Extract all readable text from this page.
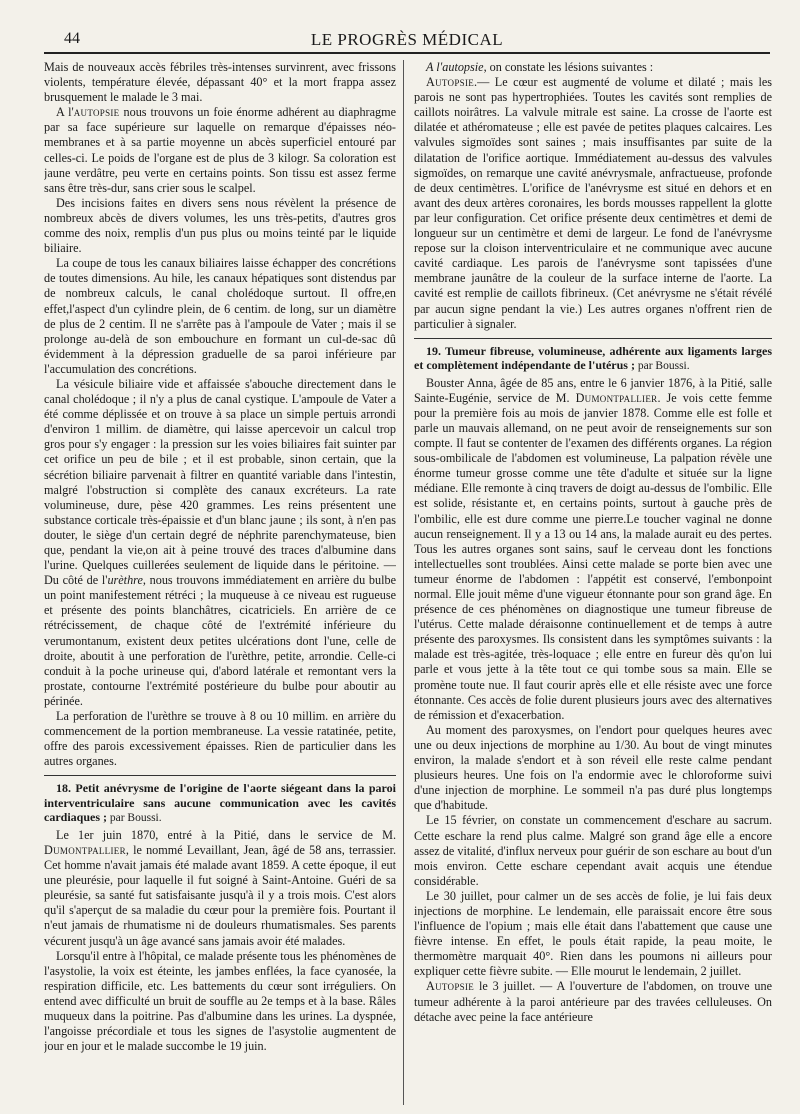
44	LE PROGRÈS MÉDICAL

Mais de nouveaux accès fébriles très-intenses survinrent, avec frissons violents, température élevée, dépassant 40° et la mort frappa assez brusquement le malade le 3 mai.

A l'autopsie nous trouvons un foie énorme adhérent au diaphragme par sa face supérieure sur laquelle on remarque d'épaisses néo-membranes et à sa partie moyenne un abcès superficiel entouré par celles-ci. Le poids de l'organe est de plus de 3 kilogr. Sa coloration est jaune verdâtre, peu verte en certains points. Son tissu est assez ferme sans être très-dur, sans crier sous le scalpel.

Des incisions faites en divers sens nous révèlent la présence de nombreux abcès de divers volumes, les uns très-petits, d'autres gros comme des noix, remplis d'un pus plus ou moins teinté par le liquide biliaire.

La coupe de tous les canaux biliaires laisse échapper des concrétions de toutes dimensions. Au hile, les canaux hépatiques sont distendus par de nombreux calculs, le canal cholédoque surtout. Il offre,en effet,l'aspect d'un cylindre plein, de 6 centim. de long, sur un diamètre de plus de 2 centim. Il ne s'arrête pas à l'ampoule de Vater ; mais il se prolonge au-delà de son embouchure en formant un cul-de-sac dû évidemment à la dépression graduelle de sa paroi inférieure par l'accumulation des concrétions.

La vésicule biliaire vide et affaissée s'abouche directement dans le canal cholédoque ; il n'y a plus de canal cystique. L'ampoule de Vater a été comme déplissée et on trouve à sa place un simple pertuis arrondi d'environ 1 millim. de diamètre, qui laisse apercevoir un calcul trop gros pour s'y engager : la pression sur les voies biliaires fait suinter par cet orifice un peu de bile ; et il est probable, sinon certain, que la sécrétion biliaire parvenait à filtrer en quantité variable dans l'intestin, malgré l'obstruction si complète des canaux excréteurs. La rate volumineuse, dure, pèse 420 grammes. Les reins présentent une substance corticale très-épaissie et d'un blanc jaune ; ils sont, à n'en pas douter, le siège d'un certain degré de néphrite parenchymateuse, bien que, pendant la vie,on ait à peine trouvé des traces d'albumine dans l'urine. Quelques cuillerées seulement de liquide dans le péritoine. — Du côté de l'urèthre, nous trouvons immédiatement en arrière du bulbe un point manifestement rétréci ; la muqueuse à ce niveau est rugueuse et présente des points blanchâtres, cicatriciels. En arrière de ce rétrécissement, de chaque côté de l'extrémité inférieure du verumontanum, existent deux petites ulcérations dont l'une, celle de droite, aboutit à une perforation de l'urèthre, petite, arrondie. Celle-ci conduit à la poche urineuse qui, d'abord latérale et remontant vers la prostate, contourne l'extrémité postérieure du bulbe pour aboutir au périnée.

La perforation de l'urèthre se trouve à 8 ou 10 millim. en arrière du commencement de la portion membraneuse. La vessie ratatinée, petite, offre des parois excessivement épaisses. Rien de particulier dans les autres organes.

18. Petit anévrysme de l'origine de l'aorte siégeant dans la paroi interventriculaire sans aucune communication avec les cavités cardiaques ; par Boussi.

Le 1er juin 1870, entré à la Pitié, dans le service de M. Dumontpallier, le nommé Levaillant, Jean, âgé de 58 ans, terrassier. Cet homme n'avait jamais été malade avant 1859. A cette époque, il eut une pleurésie, pour laquelle il fut soigné à Saint-Antoine. Guéri de sa pleurésie, sa santé fut satisfaisante jusqu'à il y a trois mois. C'est alors qu'il s'aperçut de sa maladie du cœur pour la première fois. Pourtant il n'eut jamais de rhumatisme ni de douleurs rhumatismales. Ses parents vécurent jusqu'à un âge avancé sans jamais avoir été malades.

Lorsqu'il entre à l'hôpital, ce malade présente tous les phénomènes de l'asystolie, la voix est éteinte, les jambes enflées, la face cyanosée, la respiration difficile, etc. Les battements du cœur sont irréguliers. On entend avec difficulté un bruit de souffle au 2e temps et à la base. Râles muqueux dans la poitrine. Pas d'albumine dans les urines. La dyspnée, l'angoisse précordiale et tous les signes de l'asystolie augmentent de jour en jour et le malade succombe le 19 juin.

A l'autopsie, on constate les lésions suivantes :

Autopsie.— Le cœur est augmenté de volume et dilaté ; mais les parois ne sont pas hypertrophiées. Toutes les cavités sont remplies de caillots noirâtres. La valvule mitrale est saine. La crosse de l'aorte est dilatée et athéromateuse ; elle est pavée de petites plaques calcaires. Les valvules sigmoïdes sont saines ; mais insuffisantes par suite de la dilatation de l'orifice aortique. Immédiatement au-dessus des valvules sigmoïdes, on remarque une cavité anévrysmale, anfractueuse, profonde de deux centimètres. L'orifice de l'anévrysme est situé en dehors et en avant des deux artères coronaires, les bords mousses rappellent la glotte par leur configuration. Cet orifice présente deux centimètres et demi de longueur sur un centimètre et demi de largeur. Le fond de l'anévrysme repose sur la cloison interventriculaire et ne communique avec aucune cavité cardiaque. Les parois de l'anévrysme sont tapissées d'une membrane jaunâtre de la couleur de la surface interne de l'aorte. La cavité est remplie de caillots fibrineux. (Cet anévrysme ne s'était révélé par aucun signe pendant la vie.) Les autres organes n'offrent rien de particulier à signaler.

19. Tumeur fibreuse, volumineuse, adhérente aux ligaments larges et complètement indépendante de l'utérus ; par Boussi.

Bouster Anna, âgée de 85 ans, entre le 6 janvier 1876, à la Pitié, salle Sainte-Eugénie, service de M. Dumontpallier. Je vois cette femme pour la première fois au mois de janvier 1878. Comme elle est folle et parle un mauvais allemand, on ne peut avoir de renseignements sur son compte. Il faut se contenter de l'examen des différents organes. La région sous-ombilicale de l'abdomen est volumineuse, La palpation révèle une énorme tumeur grosse comme une tête d'adulte et située sur la ligne médiane. Elle remonte à cinq travers de doigt au-dessus de l'ombilic. Elle est solide, résistante et, en certains points, surtout à gauche près de l'ombilic, elle est dure comme une pierre.Le toucher vaginal ne donne aucun renseignement. Il y a 13 ou 14 ans, la malade aurait eu des pertes. Tous les autres organes sont sains, sauf le cerveau dont les fonctions intellectuelles sont troublées. Ainsi cette malade se porte bien avec une tumeur énorme de l'abdomen : l'appétit est conservé, l'embonpoint normal. Elle jouit même d'une vigueur étonnante pour son grand âge. En présence de ces phénomènes on diagnostique une tumeur fibreuse de l'utérus. Cette malade déraisonne continuellement et de temps à autre présente des paroxysmes. Ils consistent dans les symptômes suivants : la malade est très-agitée, très-loquace ; elle entre en fureur dès qu'on lui parle et vous jette à la tête tout ce qui tombe sous sa main. Elle se promène toute nue. Il faut courir après elle et elle résiste avec une force étonnante. Ces accès de folie durent plusieurs jours avec des alternatives de rémission et d'exacerbation.

Au moment des paroxysmes, on l'endort pour quelques heures avec une ou deux injections de morphine au 1/30. Au bout de vingt minutes environ, la malade s'endort et à son réveil elle reste calme pendant plusieurs heures. Une fois on l'a endormie avec le chloroforme suivi d'une injection de morphine. Le sommeil n'a pas duré plus longtemps que d'habitude.

Le 15 février, on constate un commencement d'eschare au sacrum. Cette eschare la rend plus calme. Malgré son grand âge elle a encore assez de vitalité, d'influx nerveux pour guérir de son eschare au bout d'un mois environ. Cette eschare cependant avait acquis une étendue considérable.

Le 30 juillet, pour calmer un de ses accès de folie, je lui fais deux injections de morphine. Le lendemain, elle paraissait encore être sous l'influence de l'opium ; mais elle était dans l'abattement que cause une fièvre intense. En effet, le pouls était rapide, la peau moite, le thermomètre marquait 40°. Rien dans les poumons ni ailleurs pour expliquer cette fièvre subite. — Elle mourut le lendemain, 2 juillet.

Autopsie le 3 juillet. — A l'ouverture de l'abdomen, on trouve une tumeur adhérente à la paroi antérieure par des travées celluleuses. On détache avec peine la face antérieure
